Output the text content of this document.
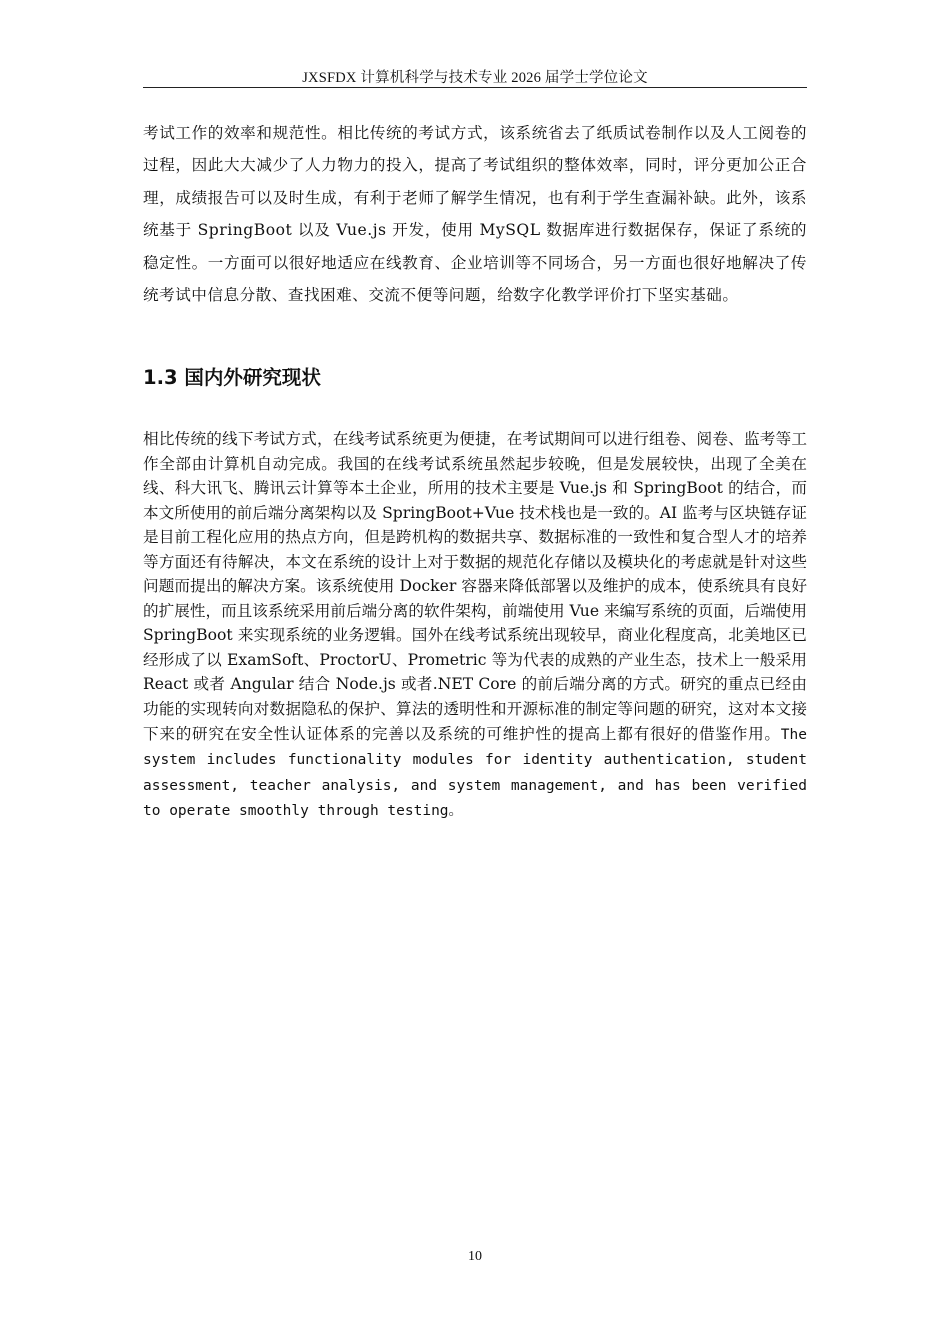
JXSFDX 计算机科学与技术专业 2026 届学士学位论文

考试工作的效率和规范性。相比传统的考试方式，该系统省去了纸质试卷制作以及人工阅卷的过程，因此大大减少了人力物力的投入，提高了考试组织的整体效率，同时，评分更加公正合理，成绩报告可以及时生成，有利于老师了解学生情况，也有利于学生查漏补缺。此外，该系统基于 SpringBoot 以及 Vue.js 开发，使用 MySQL 数据库进行数据保存，保证了系统的稳定性。一方面可以很好地适应在线教育、企业培训等不同场合，另一方面也很好地解决了传统考试中信息分散、查找困难、交流不便等问题，给数字化教学评价打下坚实基础。

1.3 国内外研究现状

相比传统的线下考试方式，在线考试系统更为便捷，在考试期间可以进行组卷、阅卷、监考等工作全部由计算机自动完成。我国的在线考试系统虽然起步较晚，但是发展较快，出现了全美在线、科大讯飞、腾讯云计算等本土企业，所用的技术主要是 Vue.js 和 SpringBoot 的结合，而本文所使用的前后端分离架构以及 SpringBoot+Vue 技术栈也是一致的。AI 监考与区块链存证是目前工程化应用的热点方向，但是跨机构的数据共享、数据标准的一致性和复合型人才的培养等方面还有待解决，本文在系统的设计上对于数据的规范化存储以及模块化的考虑就是针对这些问题而提出的解决方案。该系统使用 Docker 容器来降低部署以及维护的成本，使系统具有良好的扩展性，而且该系统采用前后端分离的软件架构，前端使用 Vue 来编写系统的页面，后端使用 SpringBoot 来实现系统的业务逻辑。国外在线考试系统出现较早，商业化程度高，北美地区已经形成了以 ExamSoft、ProctorU、Prometric 等为代表的成熟的产业生态，技术上一般采用 React 或者 Angular 结合 Node.js 或者.NET Core 的前后端分离的方式。研究的重点已经由功能的实现转向对数据隐私的保护、算法的透明性和开源标准的制定等问题的研究，这对本文接下来的研究在安全性认证体系的完善以及系统的可维护性的提高上都有很好的借鉴作用。The system includes functionality modules for identity authentication, student assessment, teacher analysis, and system management, and has been verified to operate smoothly through testing。

10
